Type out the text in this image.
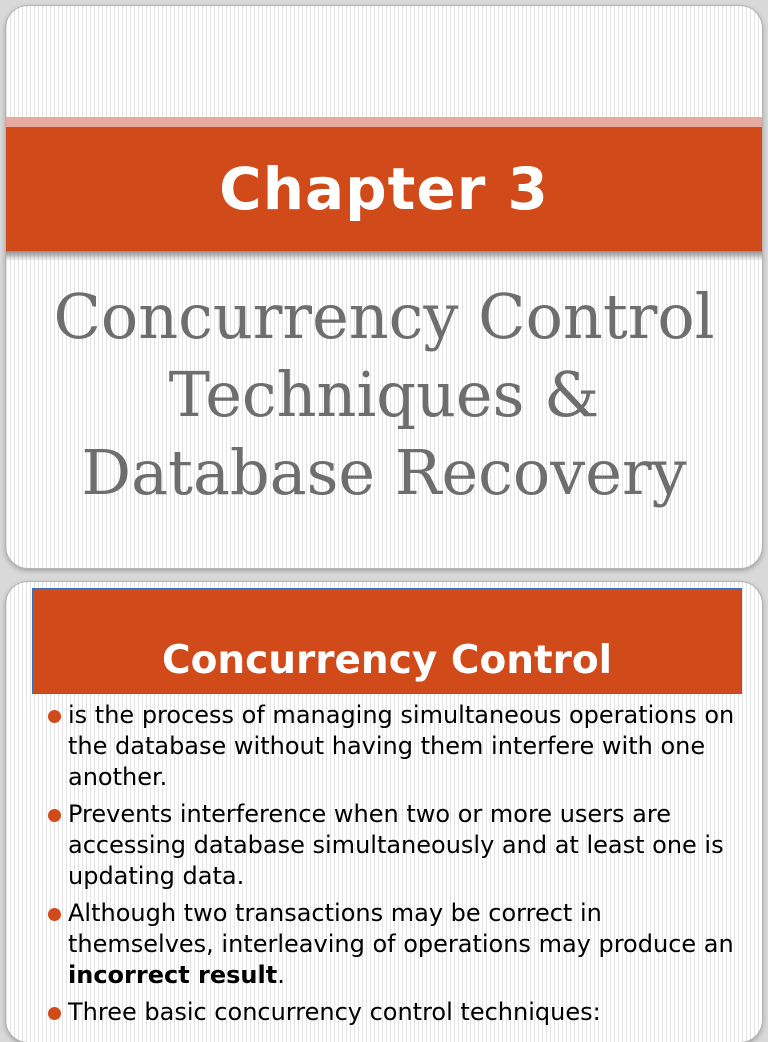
Chapter 3
Concurrency Control
Techniques &
Database Recovery
Concurrency Control
is the process of managing simultaneous operations on the database without having them interfere with one another.
Prevents interference when two or more users are accessing database simultaneously and at least one is updating data.
Although two transactions may be correct in themselves, interleaving of operations may produce an incorrect result.
Three basic concurrency control techniques:
